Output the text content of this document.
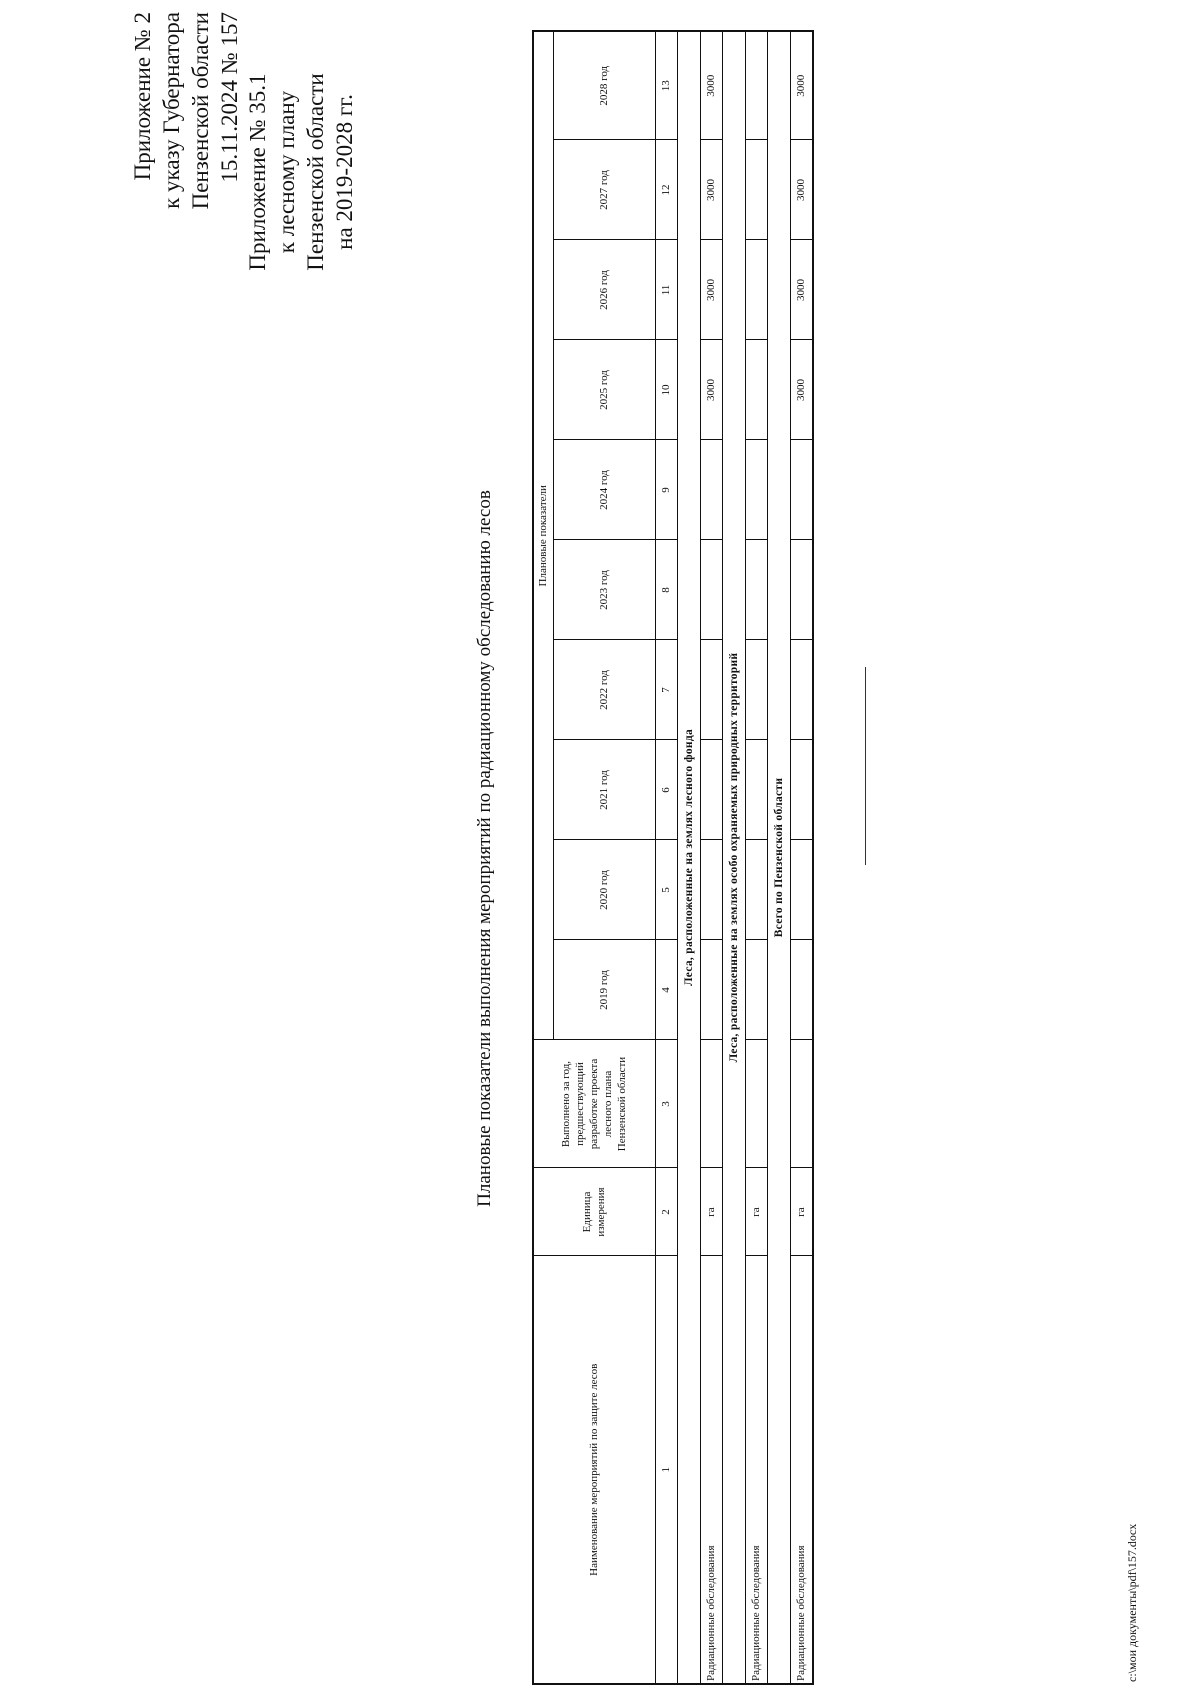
Приложение № 2 к указу Губернатора Пензенской области 15.11.2024 № 157 Приложение № 35.1 к лесному плану Пензенской области на 2019-2028 гг.
Плановые показатели выполнения мероприятий по радиационному обследованию лесов
Наименование мероприятий по защите лесов	Единица измерения	Выполнено за год, предшествующий разработке проекта лесного плана Пензенской области	Плановые показатели									
			2019 год	2020 год	2021 год	2022 год	2023 год	2024 год	2025 год	2026 год	2027 год	2028 год
1	2	3	4	5	6	7	8	9	10	11	12	13
Леса, расположенные на землях лесного фонда												
Радиационные обследования	га								3000	3000	3000	3000
Леса, расположенные на землях особо охраняемых природных территорий												
Радиационные обследования	га											
Всего по Пензенской области												
Радиационные обследования	га								3000	3000	3000	3000
c:\мои документы\pdf\157.docx
